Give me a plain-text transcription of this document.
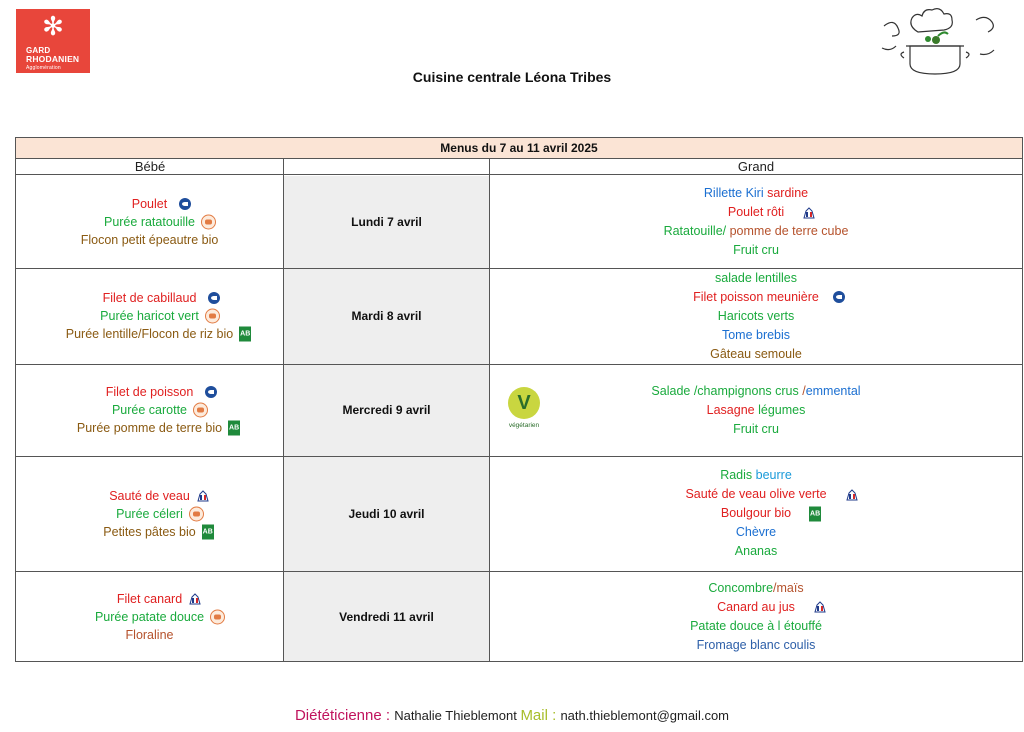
✻
GARD
RHODANIEN
Agglomération
Cuisine centrale Léona Tribes
Menus du 7 au 11 avril 2025
Bébé	Grand
Poulet
Purée ratatouille
Flocon petit épeautre bio
Lundi 7 avril
Rillette Kiri sardine
Poulet rôti
Ratatouille/ pomme de terre cube
Fruit cru
Filet de cabillaud
Purée haricot vert
Purée lentille/Flocon de riz bio AB
Mardi 8 avril
salade lentilles
Filet poisson meunière
Haricots verts
Tome brebis
Gâteau semoule
Filet de poisson
Purée carotte
Purée pomme de terre bio AB
Mercredi 9 avril
Salade /champignons crus /emmental
Lasagne légumes
Fruit cru
Sauté de veau
Purée céleri
Petites pâtes bio AB
Jeudi 10 avril
Radis beurre
Sauté de veau olive verte
Boulgour bio	AB
Chèvre
Ananas
Filet canard
Purée patate douce
Floraline
Vendredi 11 avril
Concombre/maïs
Canard au jus
Patate douce à l étouffé
Fromage blanc coulis
V
végétarien
Diététicienne : Nathalie Thieblemont Mail : nath.thieblemont@gmail.com
